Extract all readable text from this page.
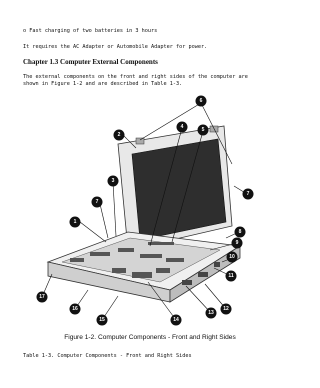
o Fast charging of two batteries in 3 hours
It requires the AC Adapter or Automobile Adapter for power.
Chapter 1.3 Computer External Components
The external components on the front and right sides of the computer are
shown in Figure 1-2 and are described in Table 1-3.
1
2
3
4	5
6
7
7
8
9
10
11
12
13
14
15
16
17
Figure 1-2. Computer Components - Front and Right Sides
Table 1-3. Computer Components - Front and Right Sides
